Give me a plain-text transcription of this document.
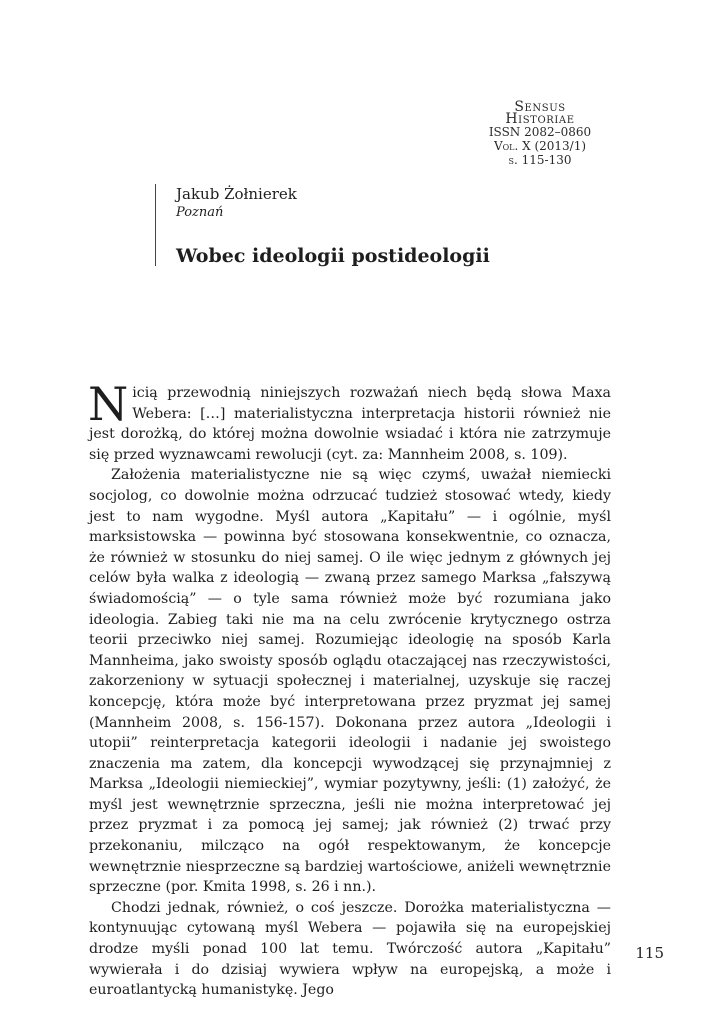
Sensus
Historiae
ISSN 2082–0860
Vol. X (2013/1)
s. 115-130
Jakub Żołnierek
Poznań
Wobec ideologii postideologii

Nicią przewodnią niniejszych rozważań niech będą słowa Maxa Webera: […] materialistyczna interpretacja historii również nie jest dorożką, do której można dowolnie wsiadać i która nie zatrzymuje się przed wyznawcami rewolucji (cyt. za: Mannheim 2008, s. 109).

Założenia materialistyczne nie są więc czymś, uważał niemiecki socjolog, co dowolnie można odrzucać tudzież stosować wtedy, kiedy jest to nam wygodne. Myśl autora „Kapitału” — i ogólnie, myśl marksistowska — powinna być stosowana konsekwentnie, co oznacza, że również w stosunku do niej samej. O ile więc jednym z głównych jej celów była walka z ideologią — zwaną przez samego Marksa „fałszywą świadomością” — o tyle sama również może być rozumiana jako ideologia. Zabieg taki nie ma na celu zwrócenie krytycznego ostrza teorii przeciwko niej samej. Rozumiejąc ideologię na sposób Karla Mannheima, jako swoisty sposób oglądu otaczającej nas rzeczywistości, zakorzeniony w sytuacji społecznej i materialnej, uzyskuje się raczej koncepcję, która może być interpretowana przez pryzmat jej samej (Mannheim 2008, s. 156-157). Dokonana przez autora „Ideologii i utopii” reinterpretacja kategorii ideologii i nadanie jej swoistego znaczenia ma zatem, dla koncepcji wywodzącej się przynajmniej z Marksa „Ideologii niemieckiej”, wymiar pozytywny, jeśli: (1) założyć, że myśl jest wewnętrznie sprzeczna, jeśli nie można interpretować jej przez pryzmat i za pomocą jej samej; jak również (2) trwać przy przekonaniu, milcząco na ogół respektowanym, że koncepcje wewnętrznie niesprzeczne są bardziej wartościowe, aniżeli wewnętrznie sprzeczne (por. Kmita 1998, s. 26 i nn.).

Chodzi jednak, również, o coś jeszcze. Dorożka materialistyczna — kontynuując cytowaną myśl Webera — pojawiła się na europejskiej drodze myśli ponad 100 lat temu. Twórczość autora „Kapitału” wywierała i do dzisiaj wywiera wpływ na europejską, a może i euroatlantycką humanistykę. Jego

115
